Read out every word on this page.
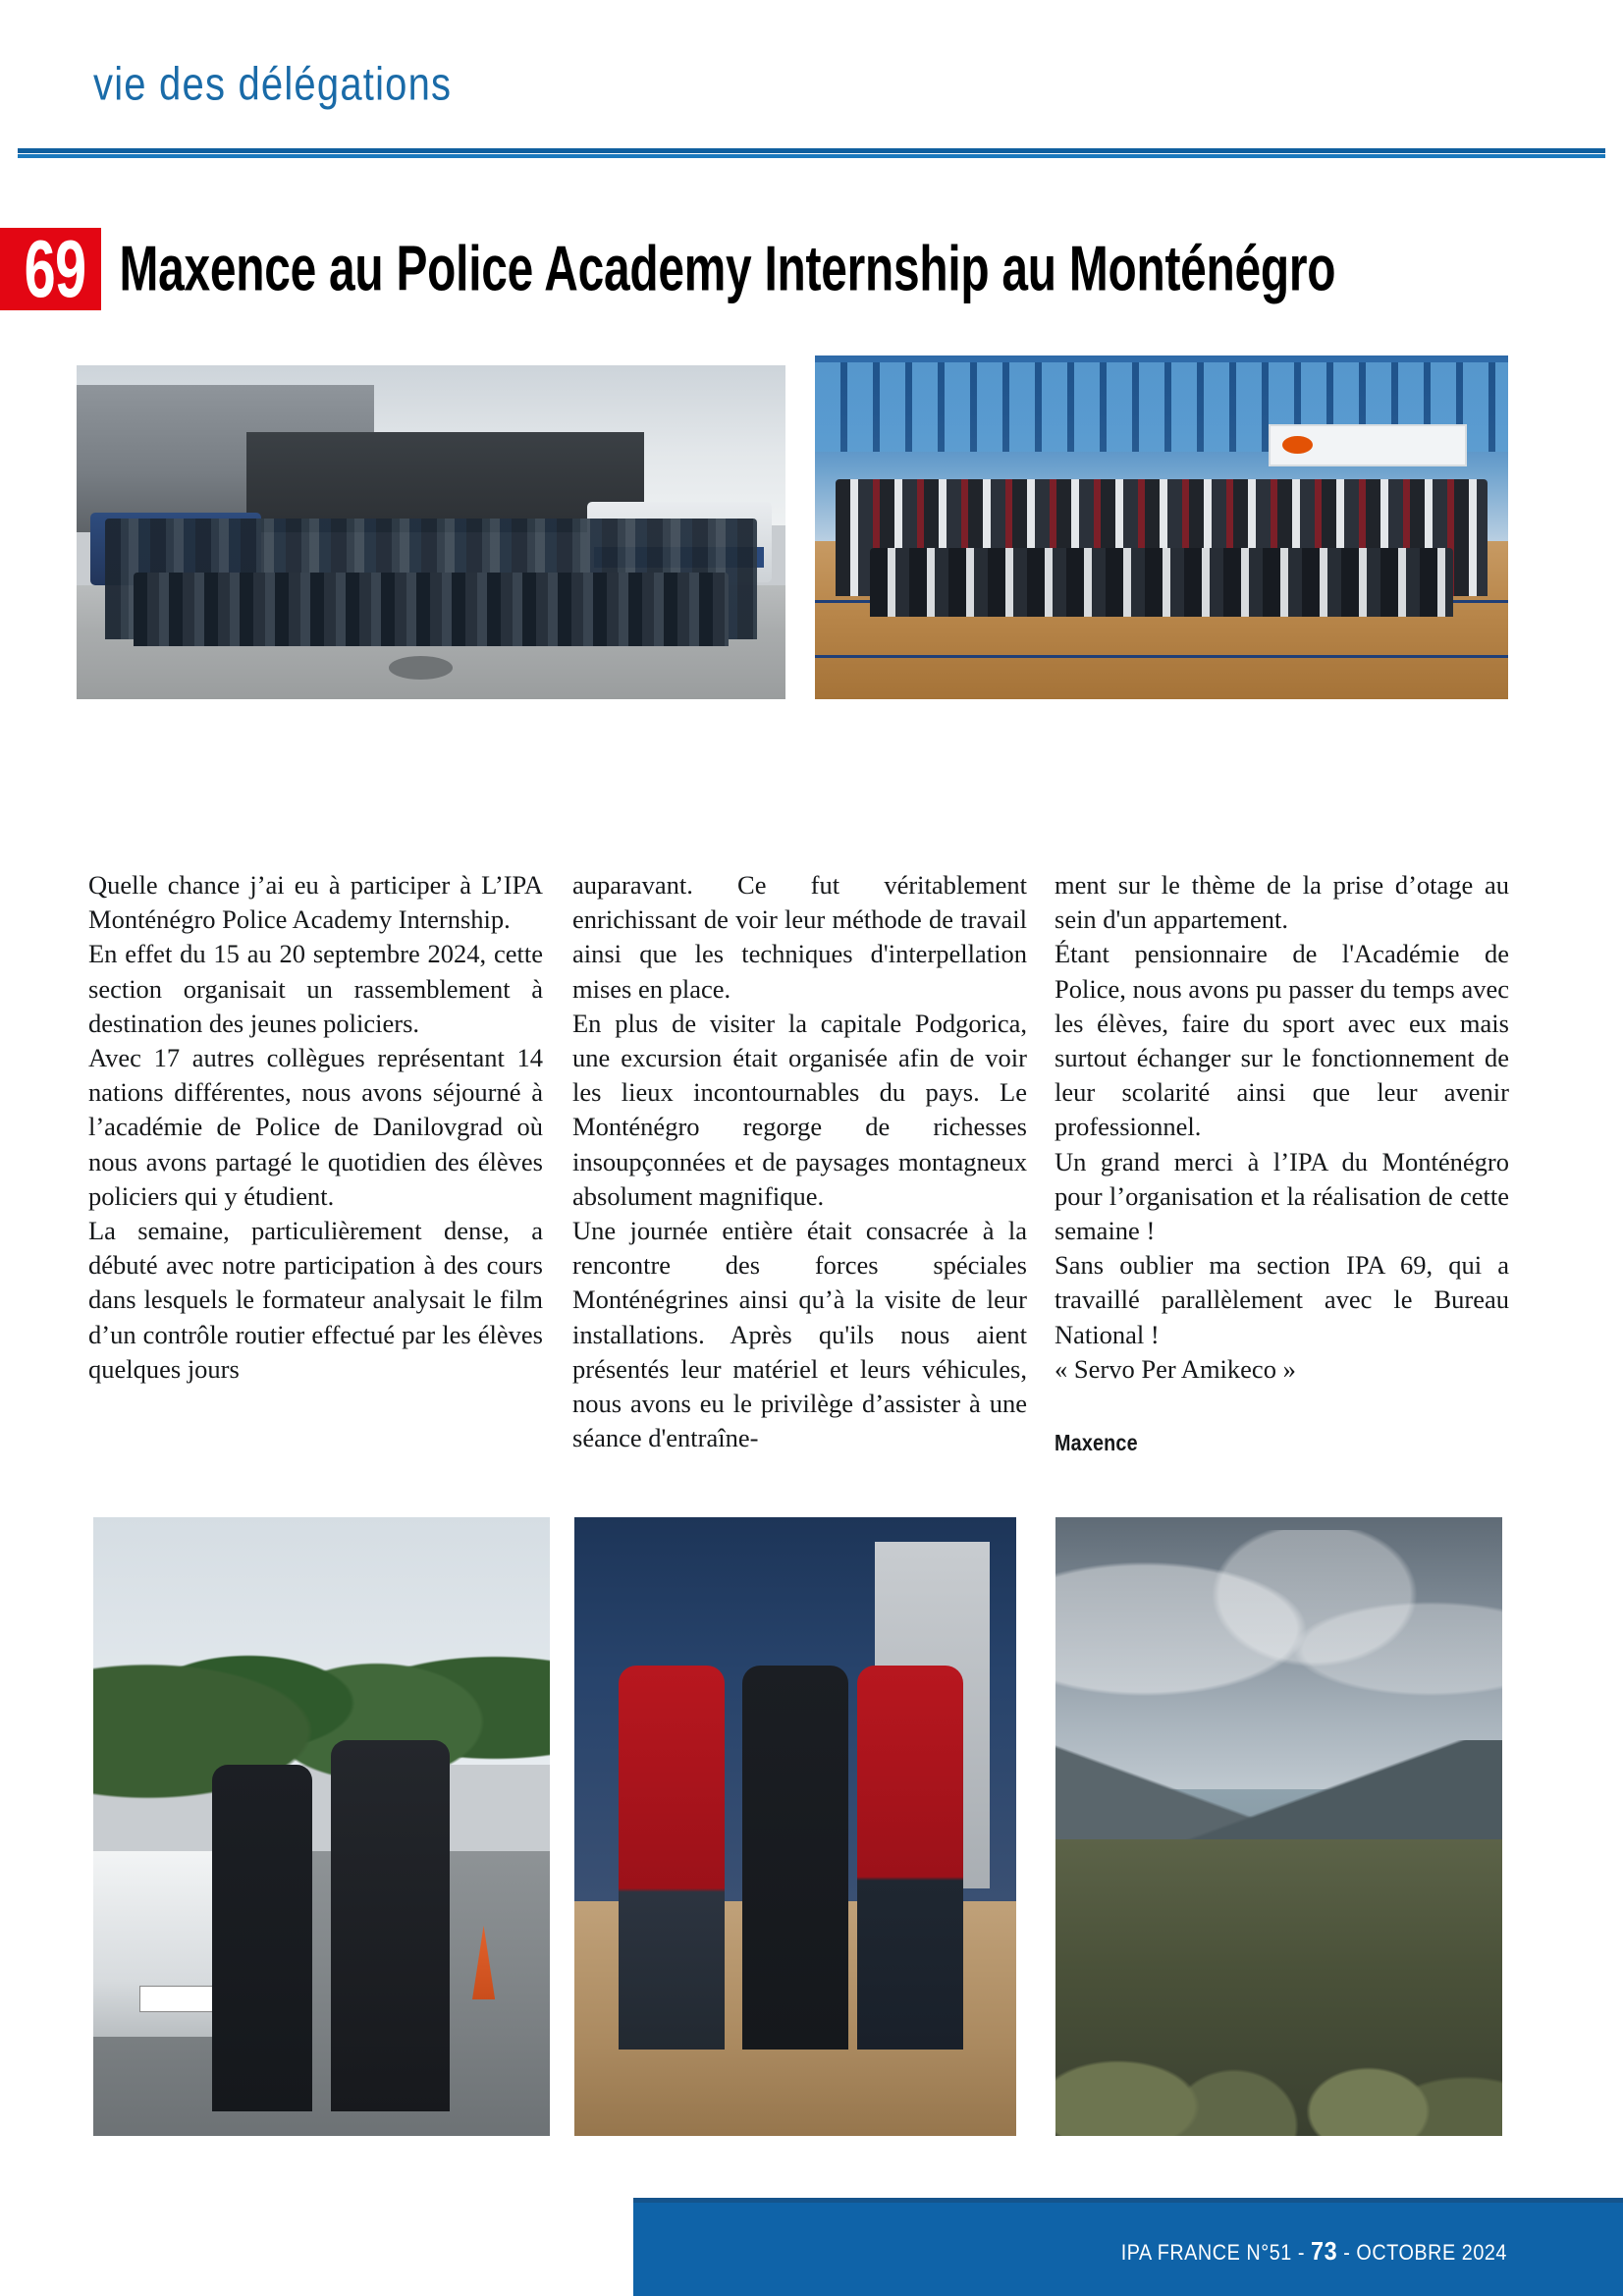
vie des délégations
69 Maxence au Police Academy Internship au Monténégro

Quelle chance j’ai eu à participer à L’IPA Monténégro Police Academy Internship.

En effet du 15 au 20 septembre 2024, cette section organisait un rassemblement à destination des jeunes policiers.

Avec 17 autres collègues représentant 14 nations différentes, nous avons séjourné à l’académie de Police de Danilovgrad où nous avons partagé le quotidien des élèves policiers qui y étudient.

La semaine, particulièrement dense, a débuté avec notre participation à des cours dans lesquels le formateur analysait le film d’un contrôle routier effectué par les élèves quelques jours

auparavant. Ce fut véritablement enrichissant de voir leur méthode de travail ainsi que les techniques d'interpellation mises en place.

En plus de visiter la capitale Podgorica, une excursion était organisée afin de voir les lieux incontournables du pays. Le Monténégro regorge de richesses insoupçonnées et de paysages montagneux absolument magnifique.

Une journée entière était consacrée à la rencontre des forces spéciales Monténégrines ainsi qu’à la visite de leur installations. Après qu'ils nous aient présentés leur matériel et leurs véhicules, nous avons eu le privilège d’assister à une séance d'entraîne-

ment sur le thème de la prise d’otage au sein d'un appartement.

Étant pensionnaire de l'Académie de Police, nous avons pu passer du temps avec les élèves, faire du sport avec eux mais surtout échanger sur le fonctionnement de leur scolarité ainsi que leur avenir professionnel.

Un grand merci à l’IPA du Monténégro pour l’organisation et la réalisation de cette semaine !

Sans oublier ma section IPA 69, qui a travaillé parallèlement avec le Bureau National !

« Servo Per Amikeco »

Maxence
IPA FRANCE N°51 - 73 - OCTOBRE 2024
